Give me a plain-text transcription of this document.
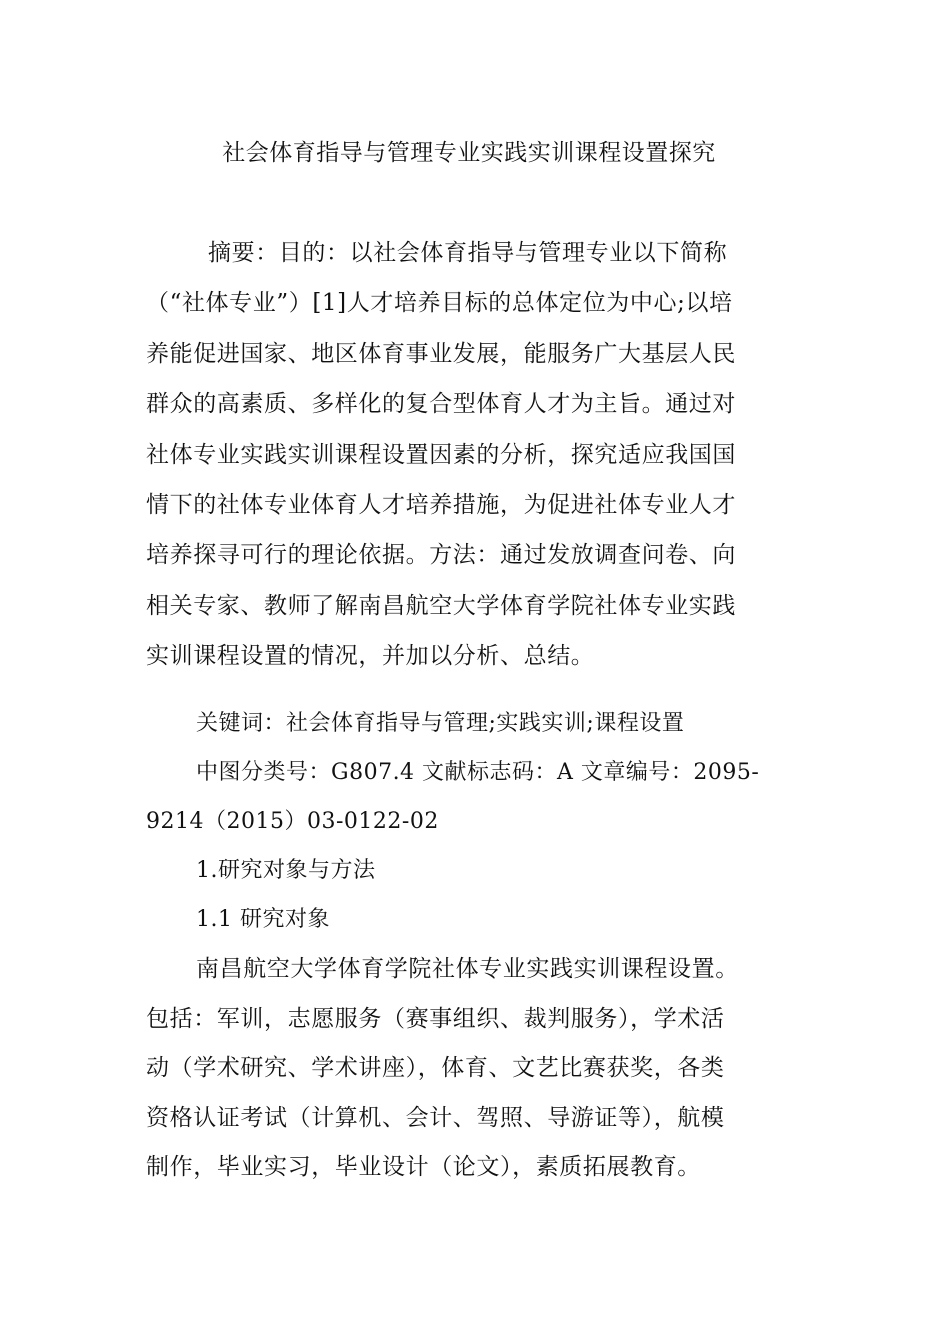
社会体育指导与管理专业实践实训课程设置探究
摘要：目的：以社会体育指导与管理专业以下简称
（“社体专业”）[1]人才培养目标的总体定位为中心;以培
养能促进国家、地区体育事业发展，能服务广大基层人民
群众的高素质、多样化的复合型体育人才为主旨。通过对
社体专业实践实训课程设置因素的分析，探究适应我国国
情下的社体专业体育人才培养措施，为促进社体专业人才
培养探寻可行的理论依据。方法：通过发放调查问卷、向
相关专家、教师了解南昌航空大学体育学院社体专业实践
实训课程设置的情况，并加以分析、总结。
关键词：社会体育指导与管理;实践实训;课程设置
中图分类号：G807.4 文献标志码：A 文章编号：2095-
9214（2015）03-0122-02
1.研究对象与方法
1.1 研究对象
南昌航空大学体育学院社体专业实践实训课程设置。
包括：军训，志愿服务（赛事组织、裁判服务），学术活
动（学术研究、学术讲座），体育、文艺比赛获奖，各类
资格认证考试（计算机、会计、驾照、导游证等），航模
制作，毕业实习，毕业设计（论文），素质拓展教育。
